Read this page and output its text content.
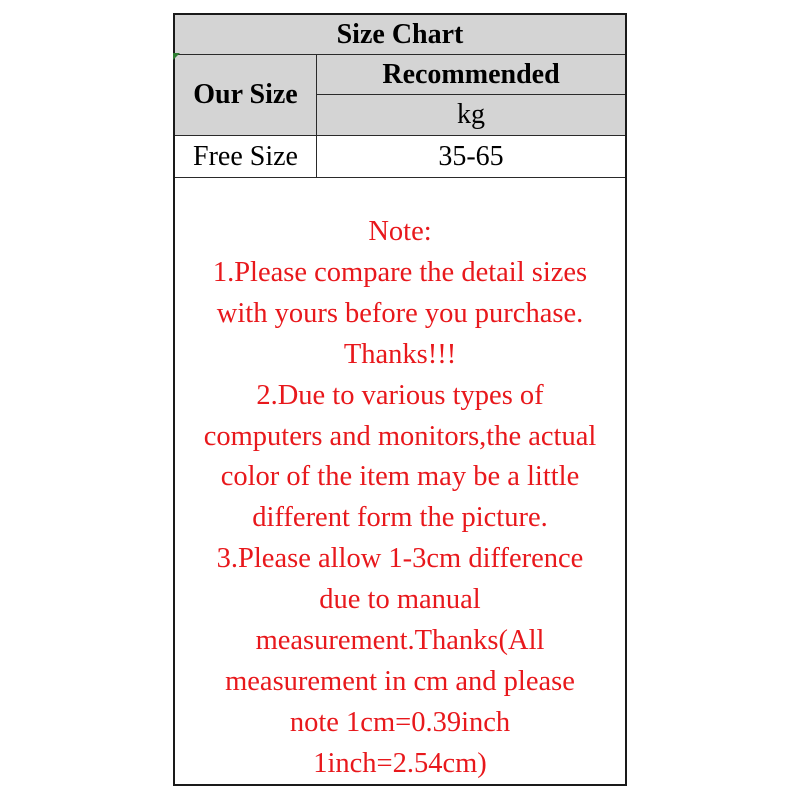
Size Chart	
Our Size	Recommended
	kg
Free Size	35-65
Note:
1.Please compare the detail sizes
with yours before you purchase.
Thanks!!!
2.Due to various types of
computers and monitors,the actual
color of the item may be a little
different form the picture.
3.Please allow 1-3cm difference
due to manual
measurement.Thanks(All
measurement in cm and please
note 1cm=0.39inch
1inch=2.54cm)
